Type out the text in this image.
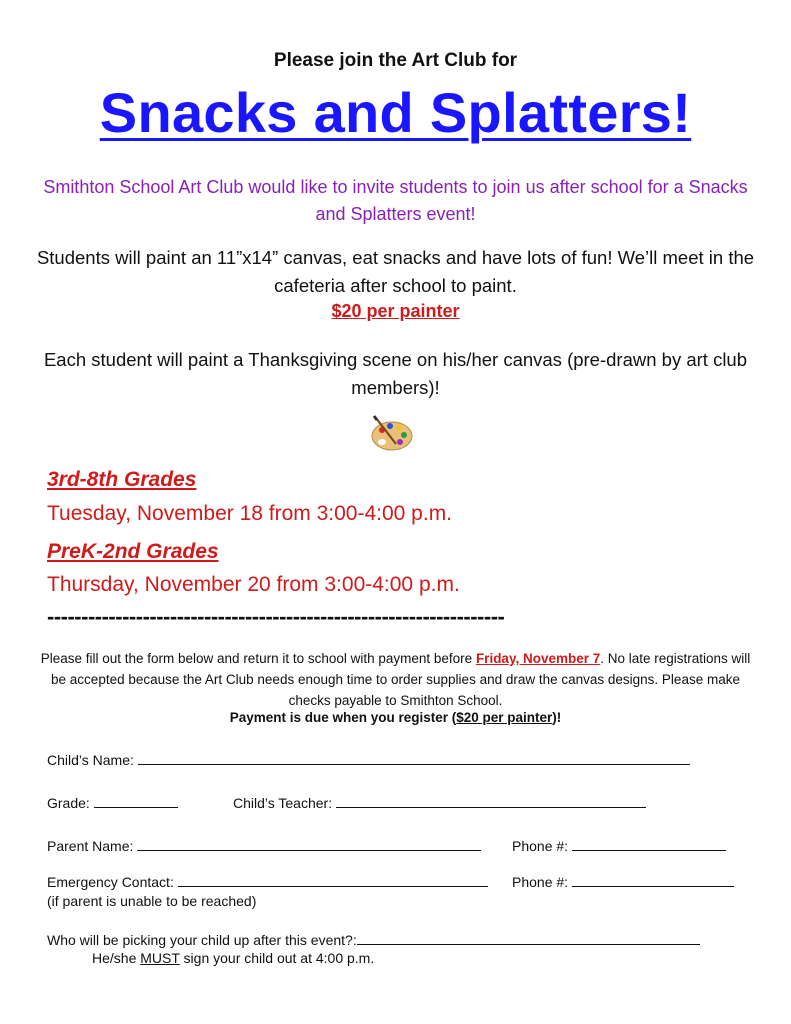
Please join the Art Club for
Snacks and Splatters!
Smithton School Art Club would like to invite students to join us after school for a Snacks and Splatters event!
Students will paint an 11”x14” canvas, eat snacks and have lots of fun! We’ll meet in the cafeteria after school to paint.
$20 per painter
Each student will paint a Thanksgiving scene on his/her canvas (pre-drawn by art club members)!
3rd-8th Grades
Tuesday, November 18 from 3:00-4:00 p.m.
PreK-2nd Grades
Thursday, November 20 from 3:00-4:00 p.m.
-------------------------------------------------------------------
Please fill out the form below and return it to school with payment before Friday, November 7. No late registrations will be accepted because the Art Club needs enough time to order supplies and draw the canvas designs. Please make checks payable to Smithton School.
Payment is due when you register ($20 per painter)!
Child’s Name:
Grade:	Child’s Teacher:
Parent Name:	Phone #:
Emergency Contact:	Phone #:
(if parent is unable to be reached)
Who will be picking your child up after this event?:
He/she MUST sign your child out at 4:00 p.m.
